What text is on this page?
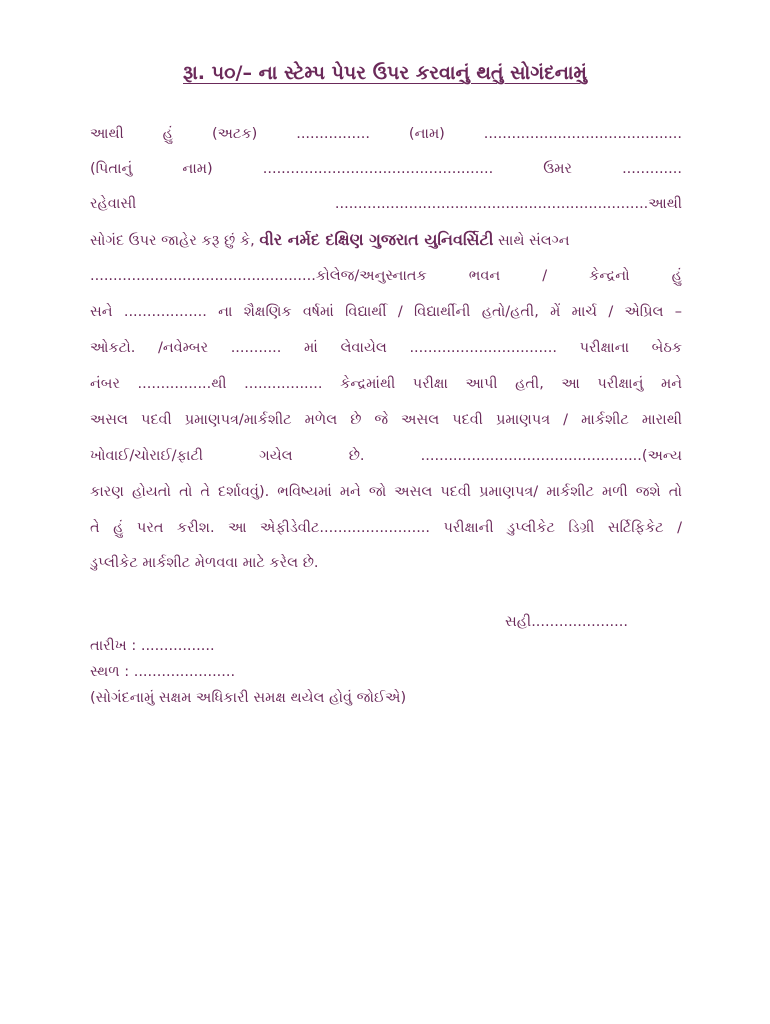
રૂા. ૫૦/– ના સ્ટેમ્પ પેપર ઉપર કરવાનું થતું સોગંદનામું
આથી હું (અટક) ................ (નામ) ...........................................
(પિતાનું નામ) .................................................. ઉંમર .............
રહેવાસી ....................................................................આથી
સોગંદ ઉપર જાહેર કરૂ છું કે, વીર નર્મદ દક્ષિણ ગુજરાત યુનિવર્સિટી સાથે સંલગ્ન
.................................................કોલેજ/અનુસ્નાતક ભવન / કેન્દ્રનો હું
સને .................. ના શૈક્ષણિક વર્ષમાં વિદ્યાર્થી / વિદ્યાર્થીની હતો/હતી, મેં માર્ચ / એપ્રિલ –
ઓકટો. /નવેમ્બર ........... માં લેવાયેલ ................................ પરીક્ષાના બેઠક
નંબર ................થી ................. કેન્દ્રમાંથી પરીક્ષા આપી હતી, આ પરીક્ષાનું મને
અસલ પદવી પ્રમાણપત્ર/માર્કશીટ મળેલ છે જે અસલ પદવી પ્રમાણપત્ર / માર્કશીટ મારાથી
ખોવાઈ/ચોરાઈ/ફાટી ગયેલ છે. ................................................(અન્ય
કારણ હોયતો તો તે દર્શાવવું). ભવિષ્યમાં મને જો અસલ પદવી પ્રમાણપત્ર/ માર્કશીટ મળી જશે તો
તે હું પરત કરીશ. આ એફીડેવીટ........................ પરીક્ષાની ડુપ્લીકેટ ડિગ્રી સર્ટિફિકેટ /
ડુપ્લીકેટ માર્કશીટ મેળવવા માટે કરેલ છે.
સહી.....................
તારીખ : ................
સ્થળ : ......................
(સોગંદનામું સક્ષમ અધિકારી સમક્ષ થયેલ હોવું જોઈએ)
